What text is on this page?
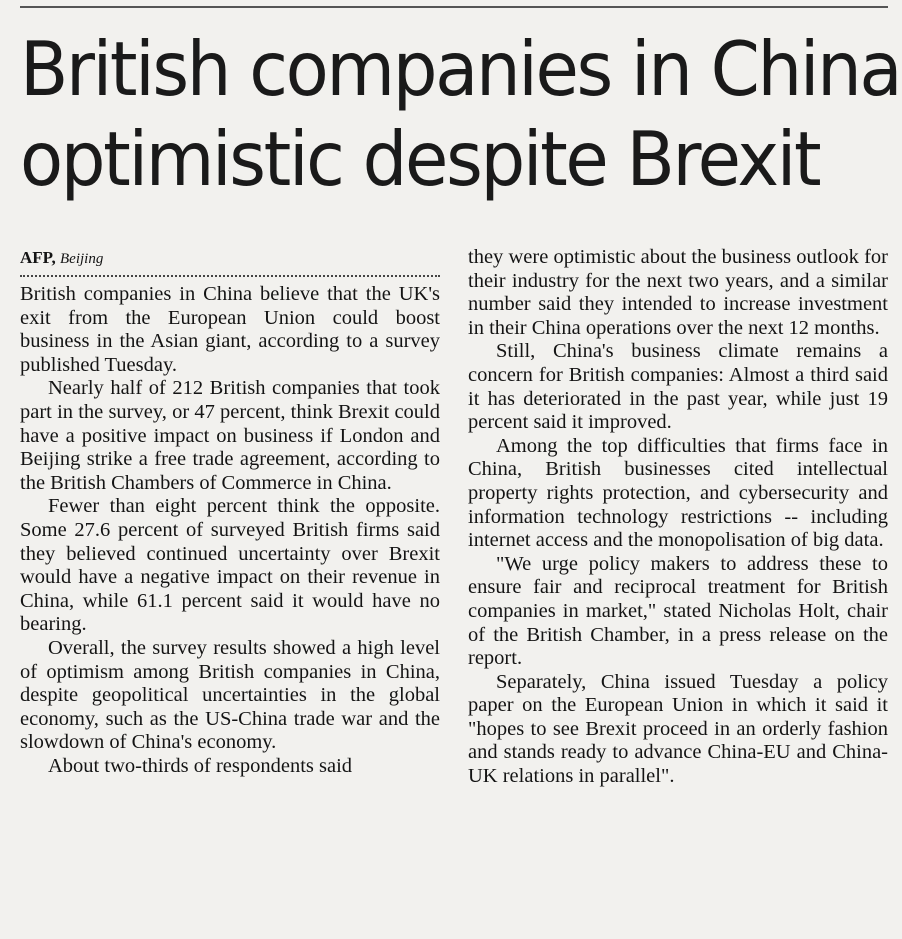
British companies in China
optimistic despite Brexit
AFP, Beijing

British companies in China believe that the UK's exit from the European Union could boost business in the Asian giant, according to a survey published Tuesday.

Nearly half of 212 British companies that took part in the survey, or 47 percent, think Brexit could have a positive impact on business if London and Beijing strike a free trade agreement, according to the British Chambers of Commerce in China.

Fewer than eight percent think the opposite. Some 27.6 percent of surveyed British firms said they believed continued uncertainty over Brexit would have a negative impact on their revenue in China, while 61.1 percent said it would have no bearing.

Overall, the survey results showed a high level of optimism among British companies in China, despite geopolitical uncertainties in the global economy, such as the US-China trade war and the slowdown of China's economy.

About two-thirds of respondents said

they were optimistic about the business outlook for their industry for the next two years, and a similar number said they intended to increase investment in their China operations over the next 12 months.

Still, China's business climate remains a concern for British companies: Almost a third said it has deteriorated in the past year, while just 19 percent said it improved.

Among the top difficulties that firms face in China, British businesses cited intellectual property rights protection, and cybersecurity and information technology restrictions -- including internet access and the monopolisation of big data.

"We urge policy makers to address these to ensure fair and reciprocal treatment for British companies in market," stated Nicholas Holt, chair of the British Chamber, in a press release on the report.

Separately, China issued Tuesday a policy paper on the European Union in which it said it "hopes to see Brexit proceed in an orderly fashion and stands ready to advance China-EU and China-UK relations in parallel".
